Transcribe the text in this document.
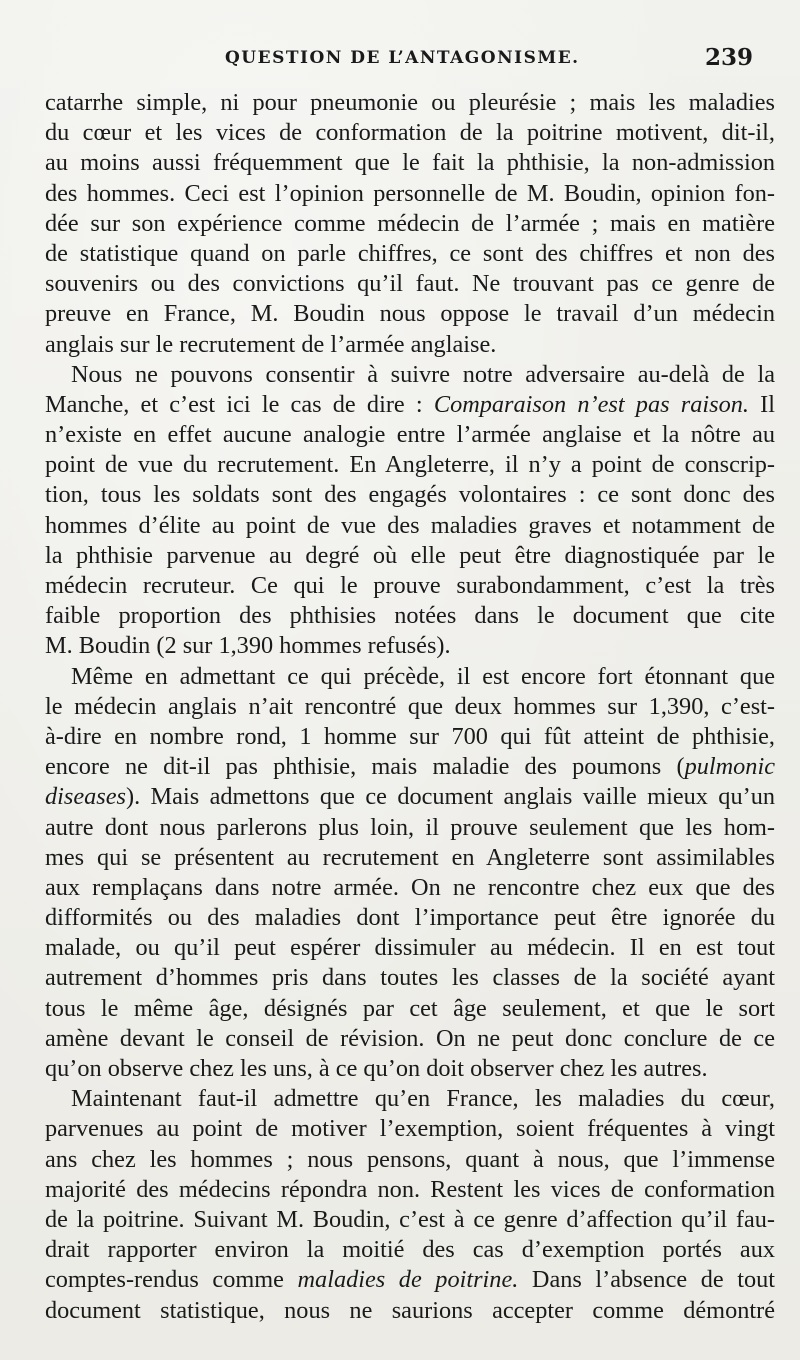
QUESTION DE L’ANTAGONISME.	239
catarrhe simple, ni pour pneumonie ou pleurésie ; mais les maladies
du cœur et les vices de conformation de la poitrine motivent, dit-il,
au moins aussi fréquemment que le fait la phthisie, la non-admission
des hommes. Ceci est l’opinion personnelle de M. Boudin, opinion fon-
dée sur son expérience comme médecin de l’armée ; mais en matière
de statistique quand on parle chiffres, ce sont des chiffres et non des
souvenirs ou des convictions qu’il faut. Ne trouvant pas ce genre de
preuve en France, M. Boudin nous oppose le travail d’un médecin
anglais sur le recrutement de l’armée anglaise.
Nous ne pouvons consentir à suivre notre adversaire au-delà de la
Manche, et c’est ici le cas de dire : Comparaison n’est pas raison. Il
n’existe en effet aucune analogie entre l’armée anglaise et la nôtre au
point de vue du recrutement. En Angleterre, il n’y a point de conscrip-
tion, tous les soldats sont des engagés volontaires : ce sont donc des
hommes d’élite au point de vue des maladies graves et notamment de
la phthisie parvenue au degré où elle peut être diagnostiquée par le
médecin recruteur. Ce qui le prouve surabondamment, c’est la très
faible proportion des phthisies notées dans le document que cite
M. Boudin (2 sur 1,390 hommes refusés).
Même en admettant ce qui précède, il est encore fort étonnant que
le médecin anglais n’ait rencontré que deux hommes sur 1,390, c’est-
à-dire en nombre rond, 1 homme sur 700 qui fût atteint de phthisie,
encore ne dit-il pas phthisie, mais maladie des poumons (pulmonic
diseases). Mais admettons que ce document anglais vaille mieux qu’un
autre dont nous parlerons plus loin, il prouve seulement que les hom-
mes qui se présentent au recrutement en Angleterre sont assimilables
aux remplaçans dans notre armée. On ne rencontre chez eux que des
difformités ou des maladies dont l’importance peut être ignorée du
malade, ou qu’il peut espérer dissimuler au médecin. Il en est tout
autrement d’hommes pris dans toutes les classes de la société ayant
tous le même âge, désignés par cet âge seulement, et que le sort
amène devant le conseil de révision. On ne peut donc conclure de ce
qu’on observe chez les uns, à ce qu’on doit observer chez les autres.
Maintenant faut-il admettre qu’en France, les maladies du cœur,
parvenues au point de motiver l’exemption, soient fréquentes à vingt
ans chez les hommes ; nous pensons, quant à nous, que l’immense
majorité des médecins répondra non. Restent les vices de conformation
de la poitrine. Suivant M. Boudin, c’est à ce genre d’affection qu’il fau-
drait rapporter environ la moitié des cas d’exemption portés aux
comptes-rendus comme maladies de poitrine. Dans l’absence de tout
document statistique, nous ne saurions accepter comme démontré
